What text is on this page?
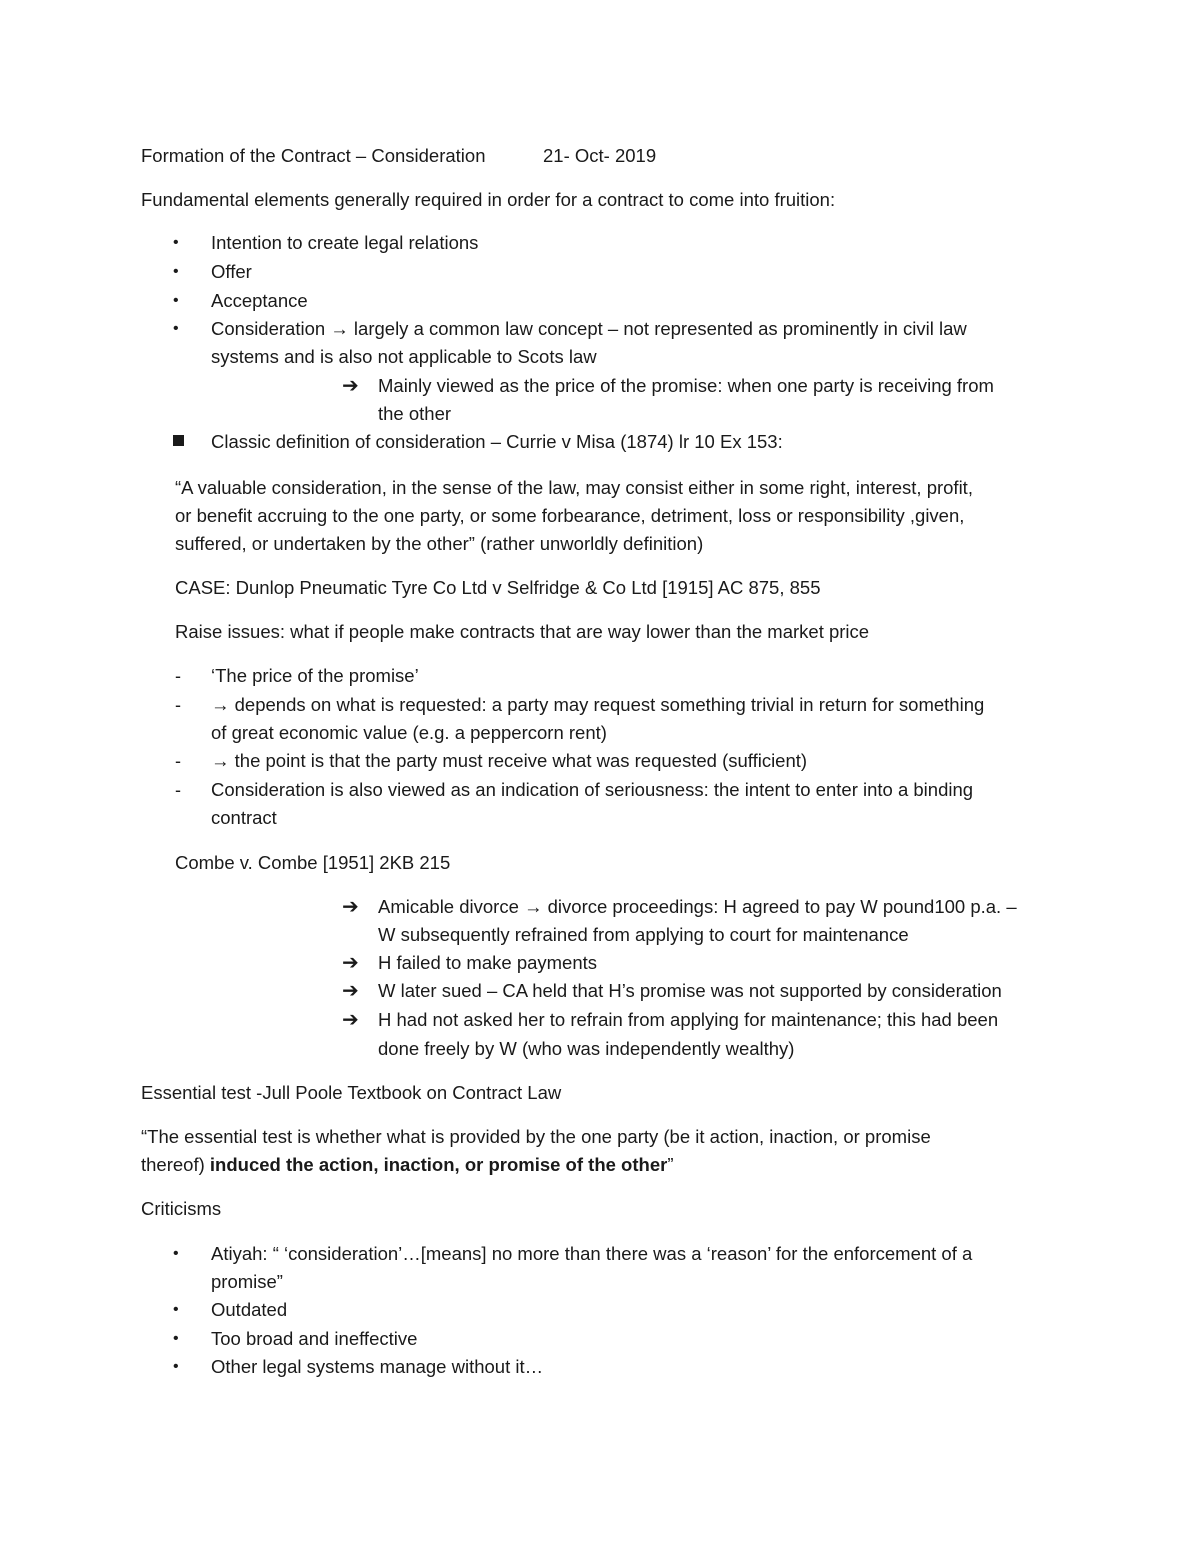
Formation of the Contract – Consideration	21- Oct- 2019
Fundamental elements generally required in order for a contract to come into fruition:
• Intention to create legal relations
• Offer
• Acceptance
• Consideration → largely a common law concept – not represented as prominently in civil law
systems and is also not applicable to Scots law
➔ Mainly viewed as the price of the promise: when one party is receiving from
the other
Classic definition of consideration – Currie v Misa (1874) lr 10 Ex 153:
“A valuable consideration, in the sense of the law, may consist either in some right, interest, profit,
or benefit accruing to the one party, or some forbearance, detriment, loss or responsibility ,given,
suffered, or undertaken by the other” (rather unworldly definition)
CASE: Dunlop Pneumatic Tyre Co Ltd v Selfridge & Co Ltd [1915] AC 875, 855
Raise issues: what if people make contracts that are way lower than the market price
- ‘The price of the promise’
- → depends on what is requested: a party may request something trivial in return for something
of great economic value (e.g. a peppercorn rent)
- → the point is that the party must receive what was requested (sufficient)
- Consideration is also viewed as an indication of seriousness: the intent to enter into a binding
contract
Combe v. Combe [1951] 2KB 215
➔ Amicable divorce → divorce proceedings: H agreed to pay W pound100 p.a. –
W subsequently refrained from applying to court for maintenance
➔ H failed to make payments
➔ W later sued – CA held that H’s promise was not supported by consideration
➔ H had not asked her to refrain from applying for maintenance; this had been
done freely by W (who was independently wealthy)
Essential test -Jull Poole Textbook on Contract Law
“The essential test is whether what is provided by the one party (be it action, inaction, or promise
thereof) induced the action, inaction, or promise of the other”
Criticisms
• Atiyah: “ ‘consideration’…[means] no more than there was a ‘reason’ for the enforcement of a
promise”
• Outdated
• Too broad and ineffective
• Other legal systems manage without it…
